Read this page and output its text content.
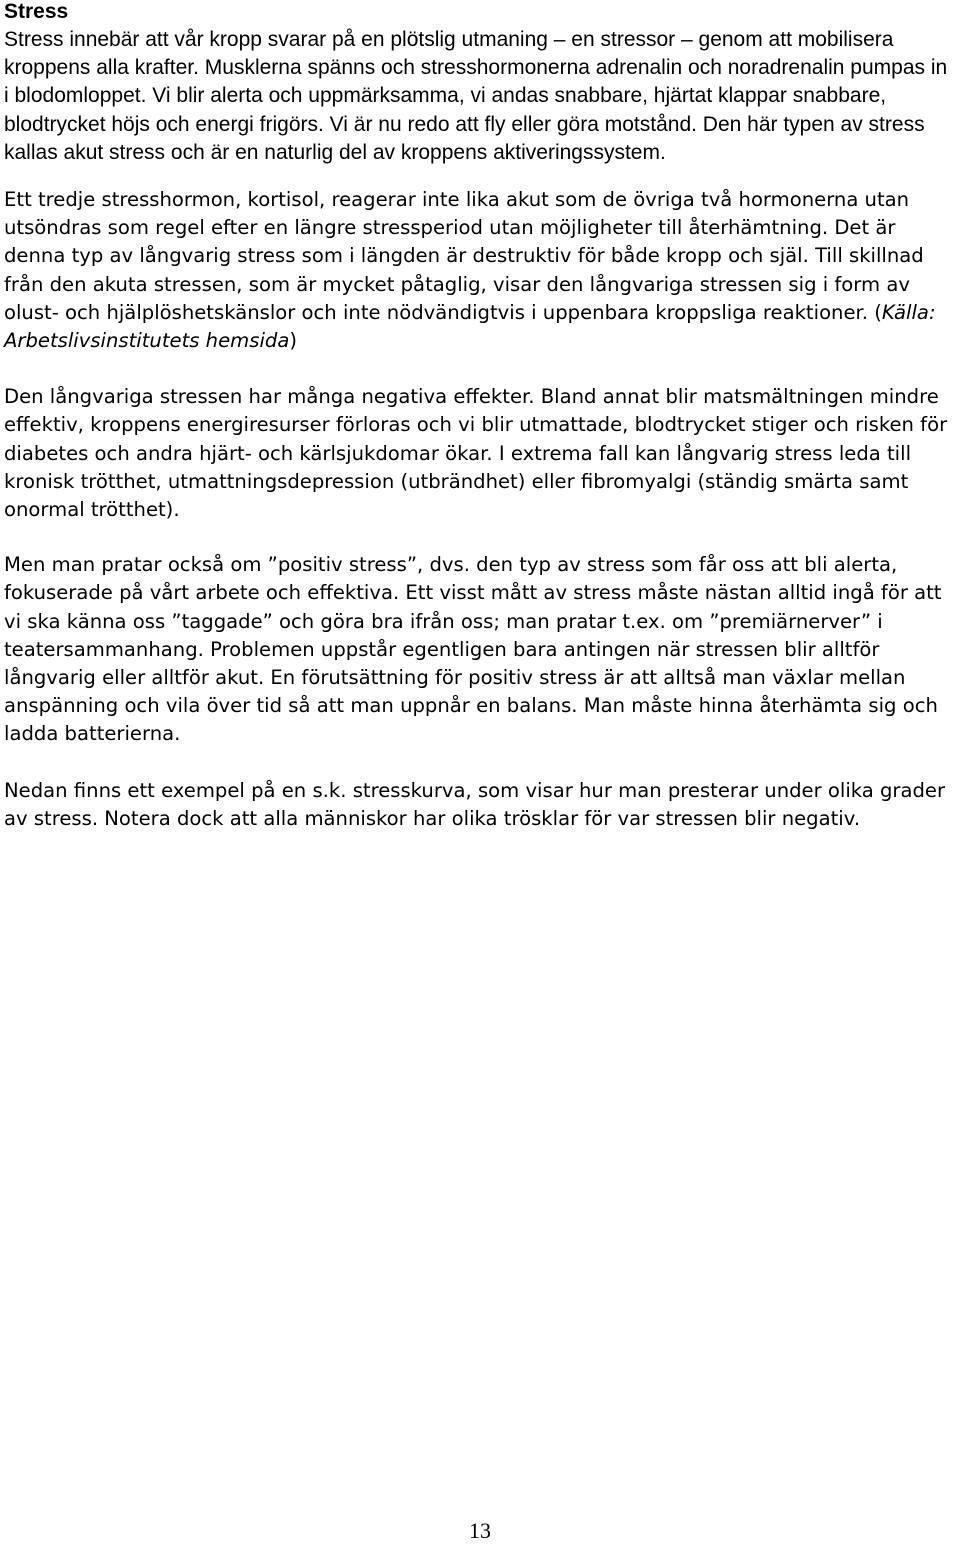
Stress

Stress innebär att vår kropp svarar på en plötslig utmaning – en stressor – genom att mobilisera kroppens alla krafter. Musklerna spänns och stresshormonerna adrenalin och noradrenalin pumpas in i blodomloppet. Vi blir alerta och uppmärksamma, vi andas snabbare, hjärtat klappar snabbare, blodtrycket höjs och energi frigörs. Vi är nu redo att fly eller göra motstånd. Den här typen av stress kallas akut stress och är en naturlig del av kroppens aktiveringssystem.

Ett tredje stresshormon, kortisol, reagerar inte lika akut som de övriga två hormonerna utan utsöndras som regel efter en längre stressperiod utan möjligheter till återhämtning. Det är denna typ av långvarig stress som i längden är destruktiv för både kropp och själ. Till skillnad från den akuta stressen, som är mycket påtaglig, visar den långvariga stressen sig i form av olust- och hjälplöshetskänslor och inte nödvändigtvis i uppenbara kroppsliga reaktioner. (Källa: Arbetslivsinstitutets hemsida)

Den långvariga stressen har många negativa effekter. Bland annat blir matsmältningen mindre effektiv, kroppens energiresurser förloras och vi blir utmattade, blodtrycket stiger och risken för diabetes och andra hjärt- och kärlsjukdomar ökar. I extrema fall kan långvarig stress leda till kronisk trötthet, utmattningsdepression (utbrändhet) eller fibromyalgi (ständig smärta samt onormal trötthet).

Men man pratar också om ”positiv stress”, dvs. den typ av stress som får oss att bli alerta, fokuserade på vårt arbete och effektiva. Ett visst mått av stress måste nästan alltid ingå för att vi ska känna oss ”taggade” och göra bra ifrån oss; man pratar t.ex. om ”premiärnerver” i teatersammanhang. Problemen uppstår egentligen bara antingen när stressen blir alltför långvarig eller alltför akut. En förutsättning för positiv stress är att alltså man växlar mellan anspänning och vila över tid så att man uppnår en balans. Man måste hinna återhämta sig och ladda batterierna.

Nedan finns ett exempel på en s.k. stresskurva, som visar hur man presterar under olika grader av stress. Notera dock att alla människor har olika trösklar för var stressen blir negativ.

13
